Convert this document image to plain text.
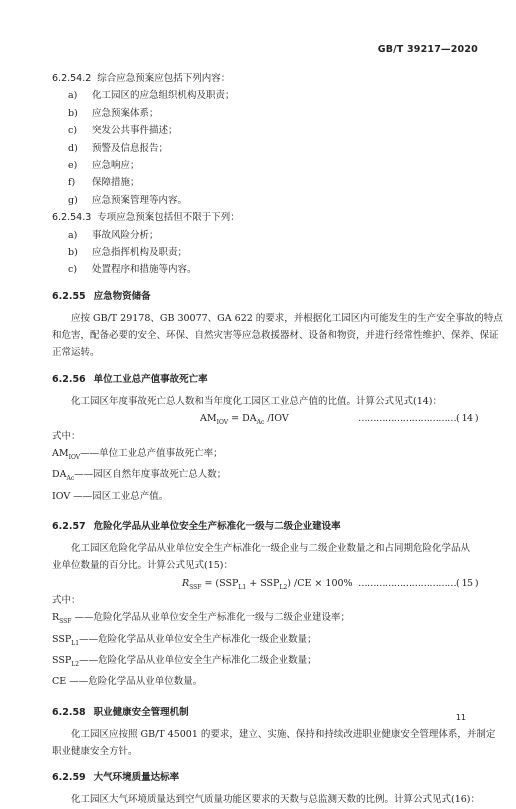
GB/T 39217—2020
6.2.54.2 综合应急预案应包括下列内容：
a) 化工园区的应急组织机构及职责；
b) 应急预案体系；
c) 突发公共事件描述；
d) 预警及信息报告；
e) 应急响应；
f) 保障措施；
g) 应急预案管理等内容。
6.2.54.3 专项应急预案包括但不限于下列：
a) 事故风险分析；
b) 应急指挥机构及职责；
c) 处置程序和措施等内容。
6.2.55 应急物资储备
应按 GB/T 29178、GB 30077、GA 622 的要求，并根据化工园区内可能发生的生产安全事故的特点
和危害，配备必要的安全、环保、自然灾害等应急救援器材、设备和物资，并进行经常性维护、保养、保证
正常运转。
6.2.56 单位工业总产值事故死亡率
化工园区年度事故死亡总人数和当年度化工园区工业总产值的比值。计算公式见式(14)：
$AM_{IOV} = DA_{Ac}$ /IOV	……………………………( 14 )
式中：
$AM_{IOV}——$单位工业总产值事故死亡率；
$DA_{Ac}——$园区自然年度事故死亡总人数；
IOV ——园区工业总产值。
6.2.57 危险化学品从业单位安全生产标准化一级与二级企业建设率
化工园区危险化学品从业单位安全生产标准化一级企业与二级企业数量之和占同期危险化学品从
业单位数量的百分比。计算公式见式(15)：
$R_{SSF} = (SSP_{L1} + SSP_{L2}) /CE \times 100\%$ ……………………………( 15 )
式中：
$R_{SSF}$ ——危险化学品从业单位安全生产标准化一级与二级企业建设率；
$SSP_{L1}——$危险化学品从业单位安全生产标准化一级企业数量；
$SSP_{L2}——$危险化学品从业单位安全生产标准化二级企业数量；
CE ——危险化学品从业单位数量。
6.2.58 职业健康安全管理机制
化工园区应按照 GB/T 45001 的要求，建立、实施、保持和持续改进职业健康安全管理体系，并制定
职业健康安全方针。
6.2.59 大气环境质量达标率
化工园区大气环境质量达到空气质量功能区要求的天数与总监测天数的比例。计算公式见式(16)：
11
